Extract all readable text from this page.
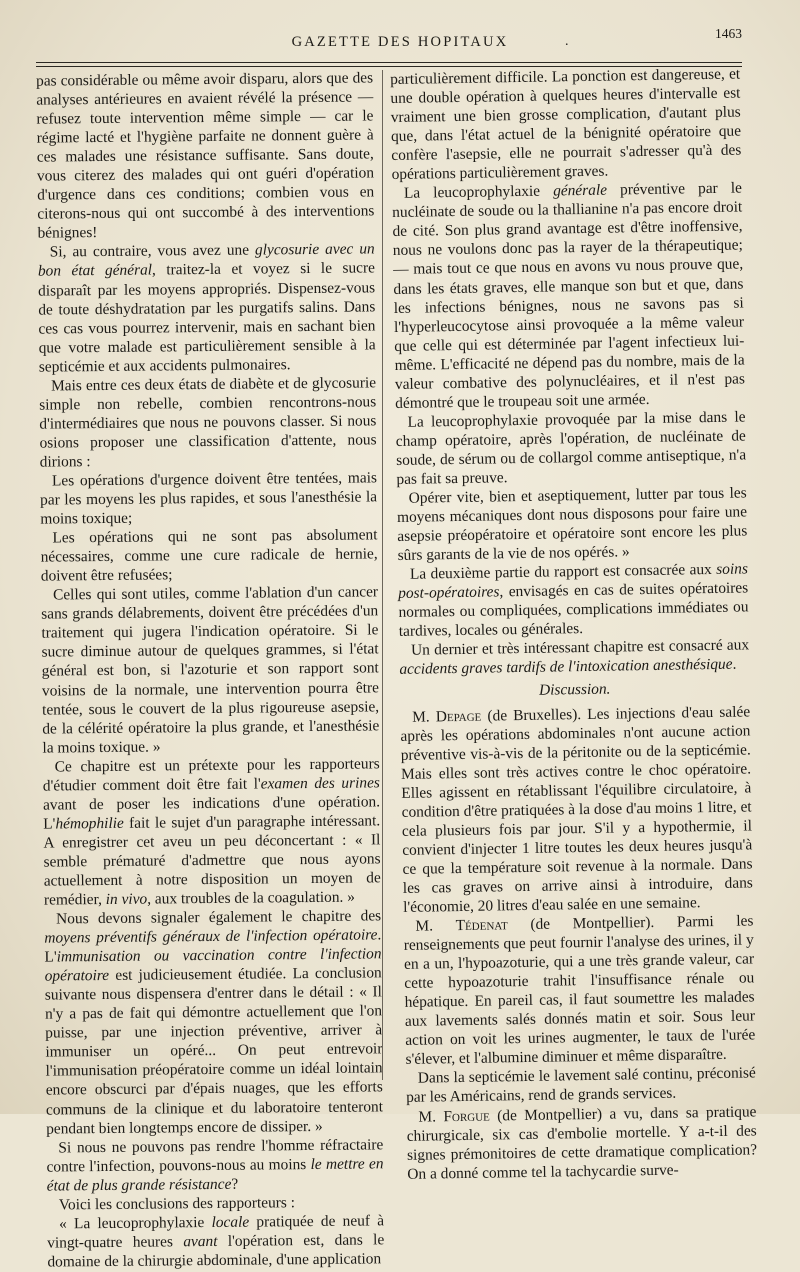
GAZETTE DES HOPITAUX	.
1463

pas considérable ou même avoir disparu, alors que des analyses antérieures en avaient révélé la présence — refusez toute intervention même simple — car le régime lacté et l'hygiène parfaite ne donnent guère à ces malades une résistance suffisante. Sans doute, vous citerez des malades qui ont guéri d'opération d'urgence dans ces conditions; combien vous en citerons-nous qui ont succombé à des interventions bénignes!

Si, au contraire, vous avez une glycosurie avec un bon état général, traitez-la et voyez si le sucre disparaît par les moyens appropriés. Dispensez-vous de toute déshydratation par les purgatifs salins. Dans ces cas vous pourrez intervenir, mais en sachant bien que votre malade est particulièrement sensible à la septicémie et aux accidents pulmonaires.

Mais entre ces deux états de diabète et de glycosurie simple non rebelle, combien rencontrons-nous d'intermédiaires que nous ne pouvons classer. Si nous osions proposer une classification d'attente, nous dirions :

Les opérations d'urgence doivent être tentées, mais par les moyens les plus rapides, et sous l'anesthésie la moins toxique;

Les opérations qui ne sont pas absolument nécessaires, comme une cure radicale de hernie, doivent être refusées;

Celles qui sont utiles, comme l'ablation d'un cancer sans grands délabrements, doivent être précédées d'un traitement qui jugera l'indication opératoire. Si le sucre diminue autour de quelques grammes, si l'état général est bon, si l'azoturie et son rapport sont voisins de la normale, une intervention pourra être tentée, sous le couvert de la plus rigoureuse asepsie, de la célérité opératoire la plus grande, et l'anesthésie la moins toxique. »

Ce chapitre est un prétexte pour les rapporteurs d'étudier comment doit être fait l'examen des urines avant de poser les indications d'une opération. L'hémophilie fait le sujet d'un paragraphe intéressant. A enregistrer cet aveu un peu déconcertant : « Il semble prématuré d'admettre que nous ayons actuellement à notre disposition un moyen de remédier, in vivo, aux troubles de la coagulation. »

Nous devons signaler également le chapitre des moyens préventifs généraux de l'infection opératoire. L'immunisation ou vaccination contre l'infection opératoire est judicieusement étudiée. La conclusion suivante nous dispensera d'entrer dans le détail : « Il n'y a pas de fait qui démontre actuellement que l'on puisse, par une injection préventive, arriver à immuniser un opéré... On peut entrevoir l'immunisation préopératoire comme un idéal lointain encore obscurci par d'épais nuages, que les efforts communs de la clinique et du laboratoire tenteront pendant bien longtemps encore de dissiper. »

Si nous ne pouvons pas rendre l'homme réfractaire contre l'infection, pouvons-nous au moins le mettre en état de plus grande résistance?

Voici les conclusions des rapporteurs :

« La leucoprophylaxie locale pratiquée de neuf à vingt-quatre heures avant l'opération est, dans le domaine de la chirurgie abdominale, d'une application

particulièrement difficile. La ponction est dangereuse, et une double opération à quelques heures d'intervalle est vraiment une bien grosse complication, d'autant plus que, dans l'état actuel de la bénignité opératoire que confère l'asepsie, elle ne pourrait s'adresser qu'à des opérations particulièrement graves.

La leucoprophylaxie générale préventive par le nucléinate de soude ou la thallianine n'a pas encore droit de cité. Son plus grand avantage est d'être inoffensive, nous ne voulons donc pas la rayer de la thérapeutique; — mais tout ce que nous en avons vu nous prouve que, dans les états graves, elle manque son but et que, dans les infections bénignes, nous ne savons pas si l'hyperleucocytose ainsi provoquée a la même valeur que celle qui est déterminée par l'agent infectieux lui-même. L'efficacité ne dépend pas du nombre, mais de la valeur combative des polynucléaires, et il n'est pas démontré que le troupeau soit une armée.

La leucoprophylaxie provoquée par la mise dans le champ opératoire, après l'opération, de nucléinate de soude, de sérum ou de collargol comme antiseptique, n'a pas fait sa preuve.

Opérer vite, bien et aseptiquement, lutter par tous les moyens mécaniques dont nous disposons pour faire une asepsie préopératoire et opératoire sont encore les plus sûrs garants de la vie de nos opérés. »

La deuxième partie du rapport est consacrée aux soins post-opératoires, envisagés en cas de suites opératoires normales ou compliquées, complications immédiates ou tardives, locales ou générales.

Un dernier et très intéressant chapitre est consacré aux accidents graves tardifs de l'intoxication anesthésique.

Discussion.

M. Depage (de Bruxelles). Les injections d'eau salée après les opérations abdominales n'ont aucune action préventive vis-à-vis de la péritonite ou de la septicémie. Mais elles sont très actives contre le choc opératoire. Elles agissent en rétablissant l'équilibre circulatoire, à condition d'être pratiquées à la dose d'au moins 1 litre, et cela plusieurs fois par jour. S'il y a hypothermie, il convient d'injecter 1 litre toutes les deux heures jusqu'à ce que la température soit revenue à la normale. Dans les cas graves on arrive ainsi à introduire, dans l'économie, 20 litres d'eau salée en une semaine.

M. Tédenat (de Montpellier). Parmi les renseignements que peut fournir l'analyse des urines, il y en a un, l'hypoazoturie, qui a une très grande valeur, car cette hypoazoturie trahit l'insuffisance rénale ou hépatique. En pareil cas, il faut soumettre les malades aux lavements salés donnés matin et soir. Sous leur action on voit les urines augmenter, le taux de l'urée s'élever, et l'albumine diminuer et même disparaître.

Dans la septicémie le lavement salé continu, préconisé par les Américains, rend de grands services.

M. Forgue (de Montpellier) a vu, dans sa pratique chirurgicale, six cas d'embolie mortelle. Y a-t-il des signes prémonitoires de cette dramatique complication? On a donné comme tel la tachycardie surve-
